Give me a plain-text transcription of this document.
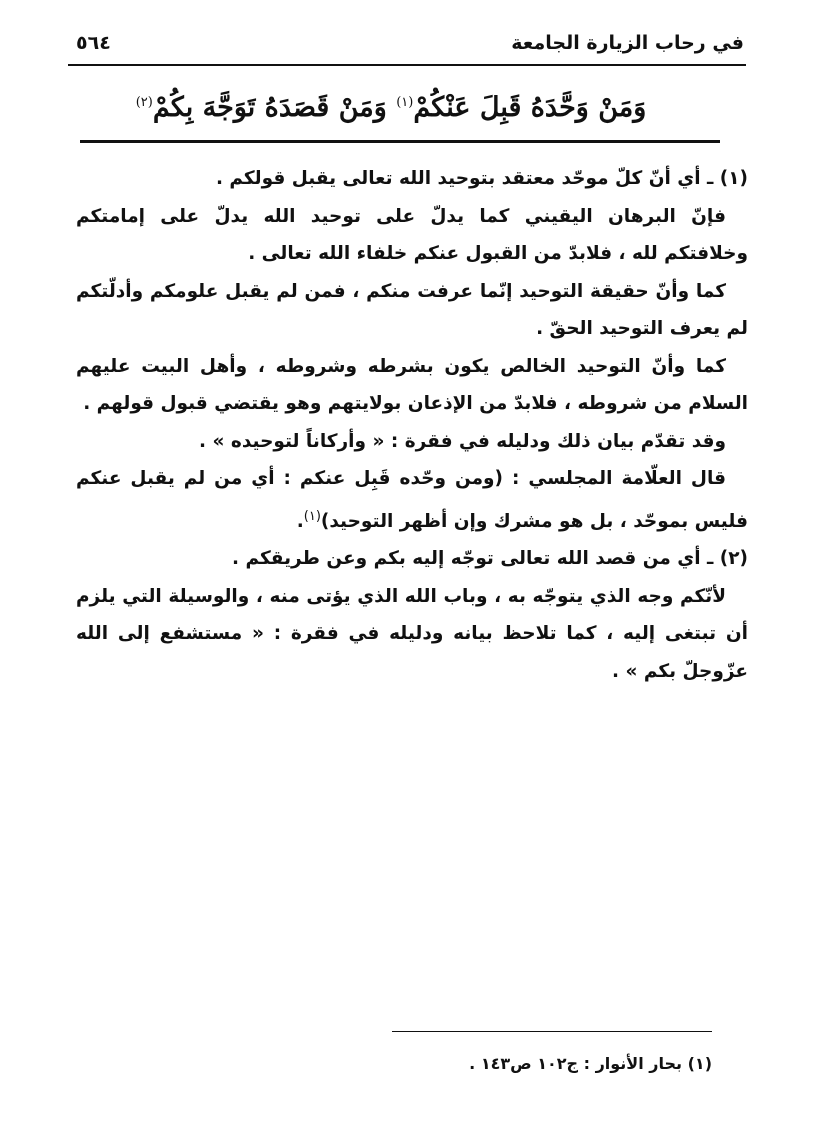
في رحاب الزيارة الجامعة
٥٦٤
وَمَنْ وَحَّدَهُ قَبِلَ عَنْكُمْ$^{(١)}$ وَمَنْ قَصَدَهُ تَوَجَّهَ بِكُمْ$^{(٢)}$

(١) ـ أي أنّ كلّ موحّد معتقد بتوحيد الله تعالى يقبل قولكم .

فإنّ البرهان اليقيني كما يدلّ على توحيد الله يدلّ على إمامتكم وخلافتكم لله ، فلابدّ من القبول عنكم خلفاء الله تعالى .

كما وأنّ حقيقة التوحيد إنّما عرفت منكم ، فمن لم يقبل علومكم وأدلّتكم لم يعرف التوحيد الحقّ .

كما وأنّ التوحيد الخالص يكون بشرطه وشروطه ، وأهل البيت عليهم السلام من شروطه ، فلابدّ من الإذعان بولايتهم وهو يقتضي قبول قولهم .

وقد تقدّم بيان ذلك ودليله في فقرة : « وأركاناً لتوحيده » .

قال العلّامة المجلسي : (ومن وحّده قَبِل عنكم : أي من لم يقبل عنكم فليس بموحّد ، بل هو مشرك وإن أظهر التوحيد)$^{(١)}$.

(٢) ـ أي من قصد الله تعالى توجّه إليه بكم وعن طريقكم .

لأنّكم وجه الذي يتوجّه به ، وباب الله الذي يؤتى منه ، والوسيلة التي يلزم أن تبتغى إليه ، كما تلاحظ بيانه ودليله في فقرة : « مستشفع إلى الله عزّوجلّ بكم » .

(١) بحار الأنوار : ج١٠٢ ص١٤٣ .
